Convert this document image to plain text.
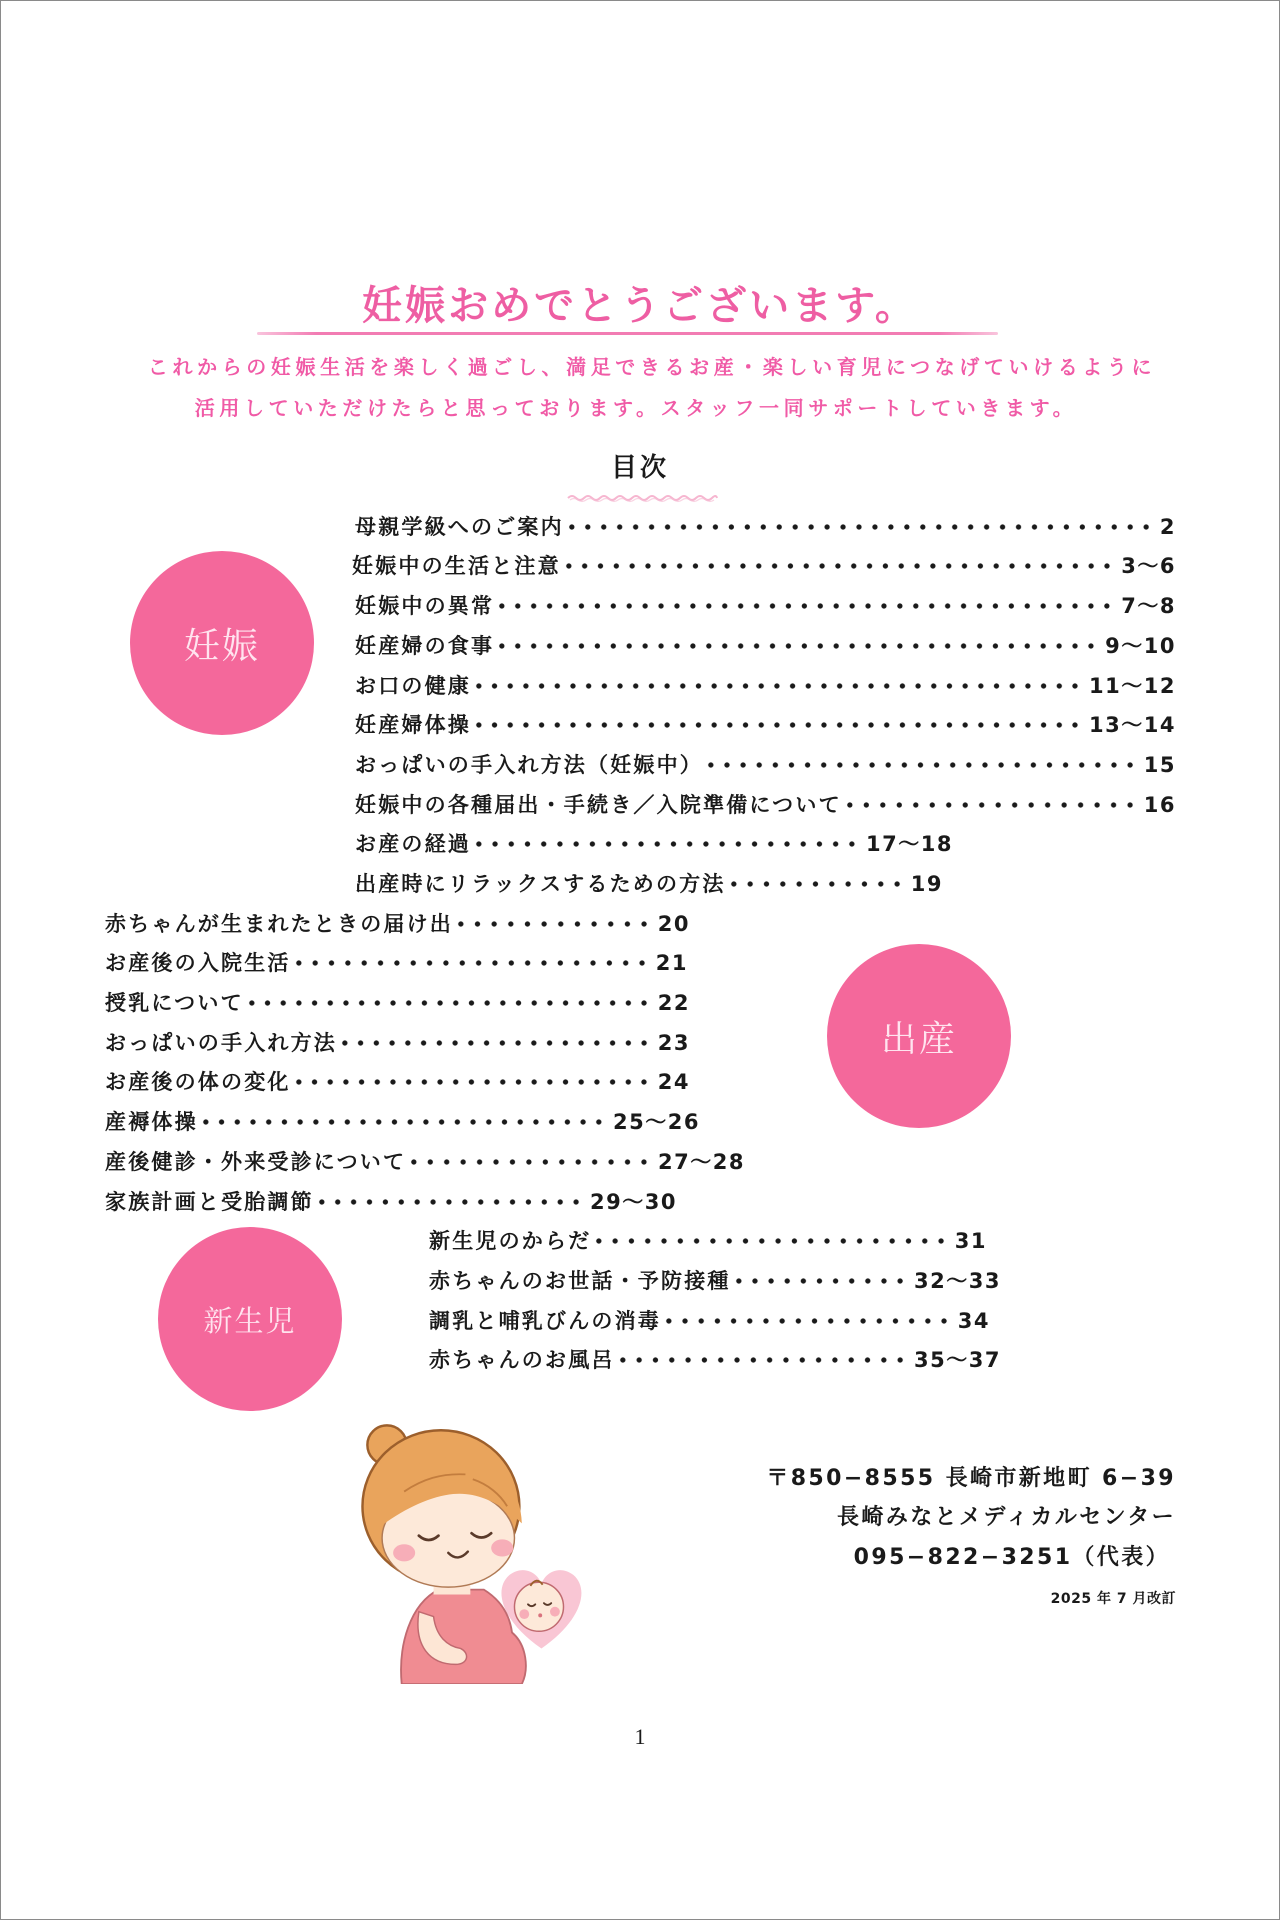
妊娠おめでとうございます。
これからの妊娠生活を楽しく過ごし、満足できるお産・楽しい育児につなげていけるように
活用していただけたらと思っております。スタッフ一同サポートしていきます。
目次
妊娠
出産
新生児
母親学級へのご案内	2
妊娠中の生活と注意	3～6
妊娠中の異常	7～8
妊産婦の食事	9～10
お口の健康	11～12
妊産婦体操	13～14
おっぱいの手入れ方法（妊娠中）	15
妊娠中の各種届出・手続き／入院準備について	16
お産の経過	17～18
出産時にリラックスするための方法	19
赤ちゃんが生まれたときの届け出	20
お産後の入院生活	21
授乳について	22
おっぱいの手入れ方法	23
お産後の体の変化	24
産褥体操	25～26
産後健診・外来受診について	27～28
家族計画と受胎調節	29～30
新生児のからだ	31
赤ちゃんのお世話・予防接種	32～33
調乳と哺乳びんの消毒	34
赤ちゃんのお風呂	35～37
〒850−8555 長崎市新地町 6−39
長崎みなとメディカルセンター
095−822−3251（代表）
2025 年 7 月改訂
1
